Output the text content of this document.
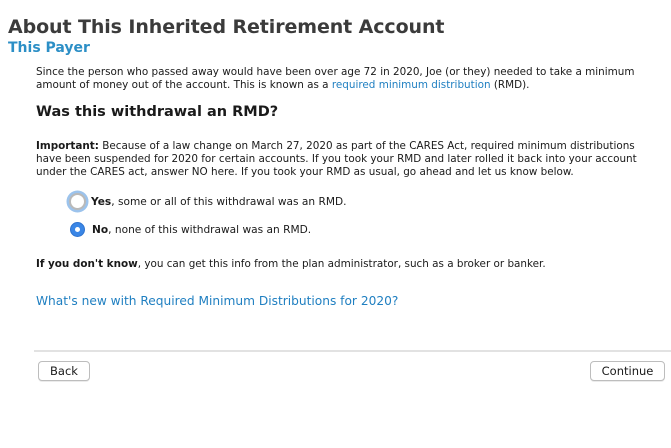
About This Inherited Retirement Account
This Payer

Since the person who passed away would have been over age 72 in 2020, Joe (or they) needed to take a minimum amount of money out of the account. This is known as a required minimum distribution (RMD).

Was this withdrawal an RMD?

Important: Because of a law change on March 27, 2020 as part of the CARES Act, required minimum distributions have been suspended for 2020 for certain accounts. If you took your RMD and later rolled it back into your account under the CARES act, answer NO here. If you took your RMD as usual, go ahead and let us know below.

Yes, some or all of this withdrawal was an RMD.
No, none of this withdrawal was an RMD.

If you don't know, you can get this info from the plan administrator, such as a broker or banker.

What's new with Required Minimum Distributions for 2020?
Back	Continue
